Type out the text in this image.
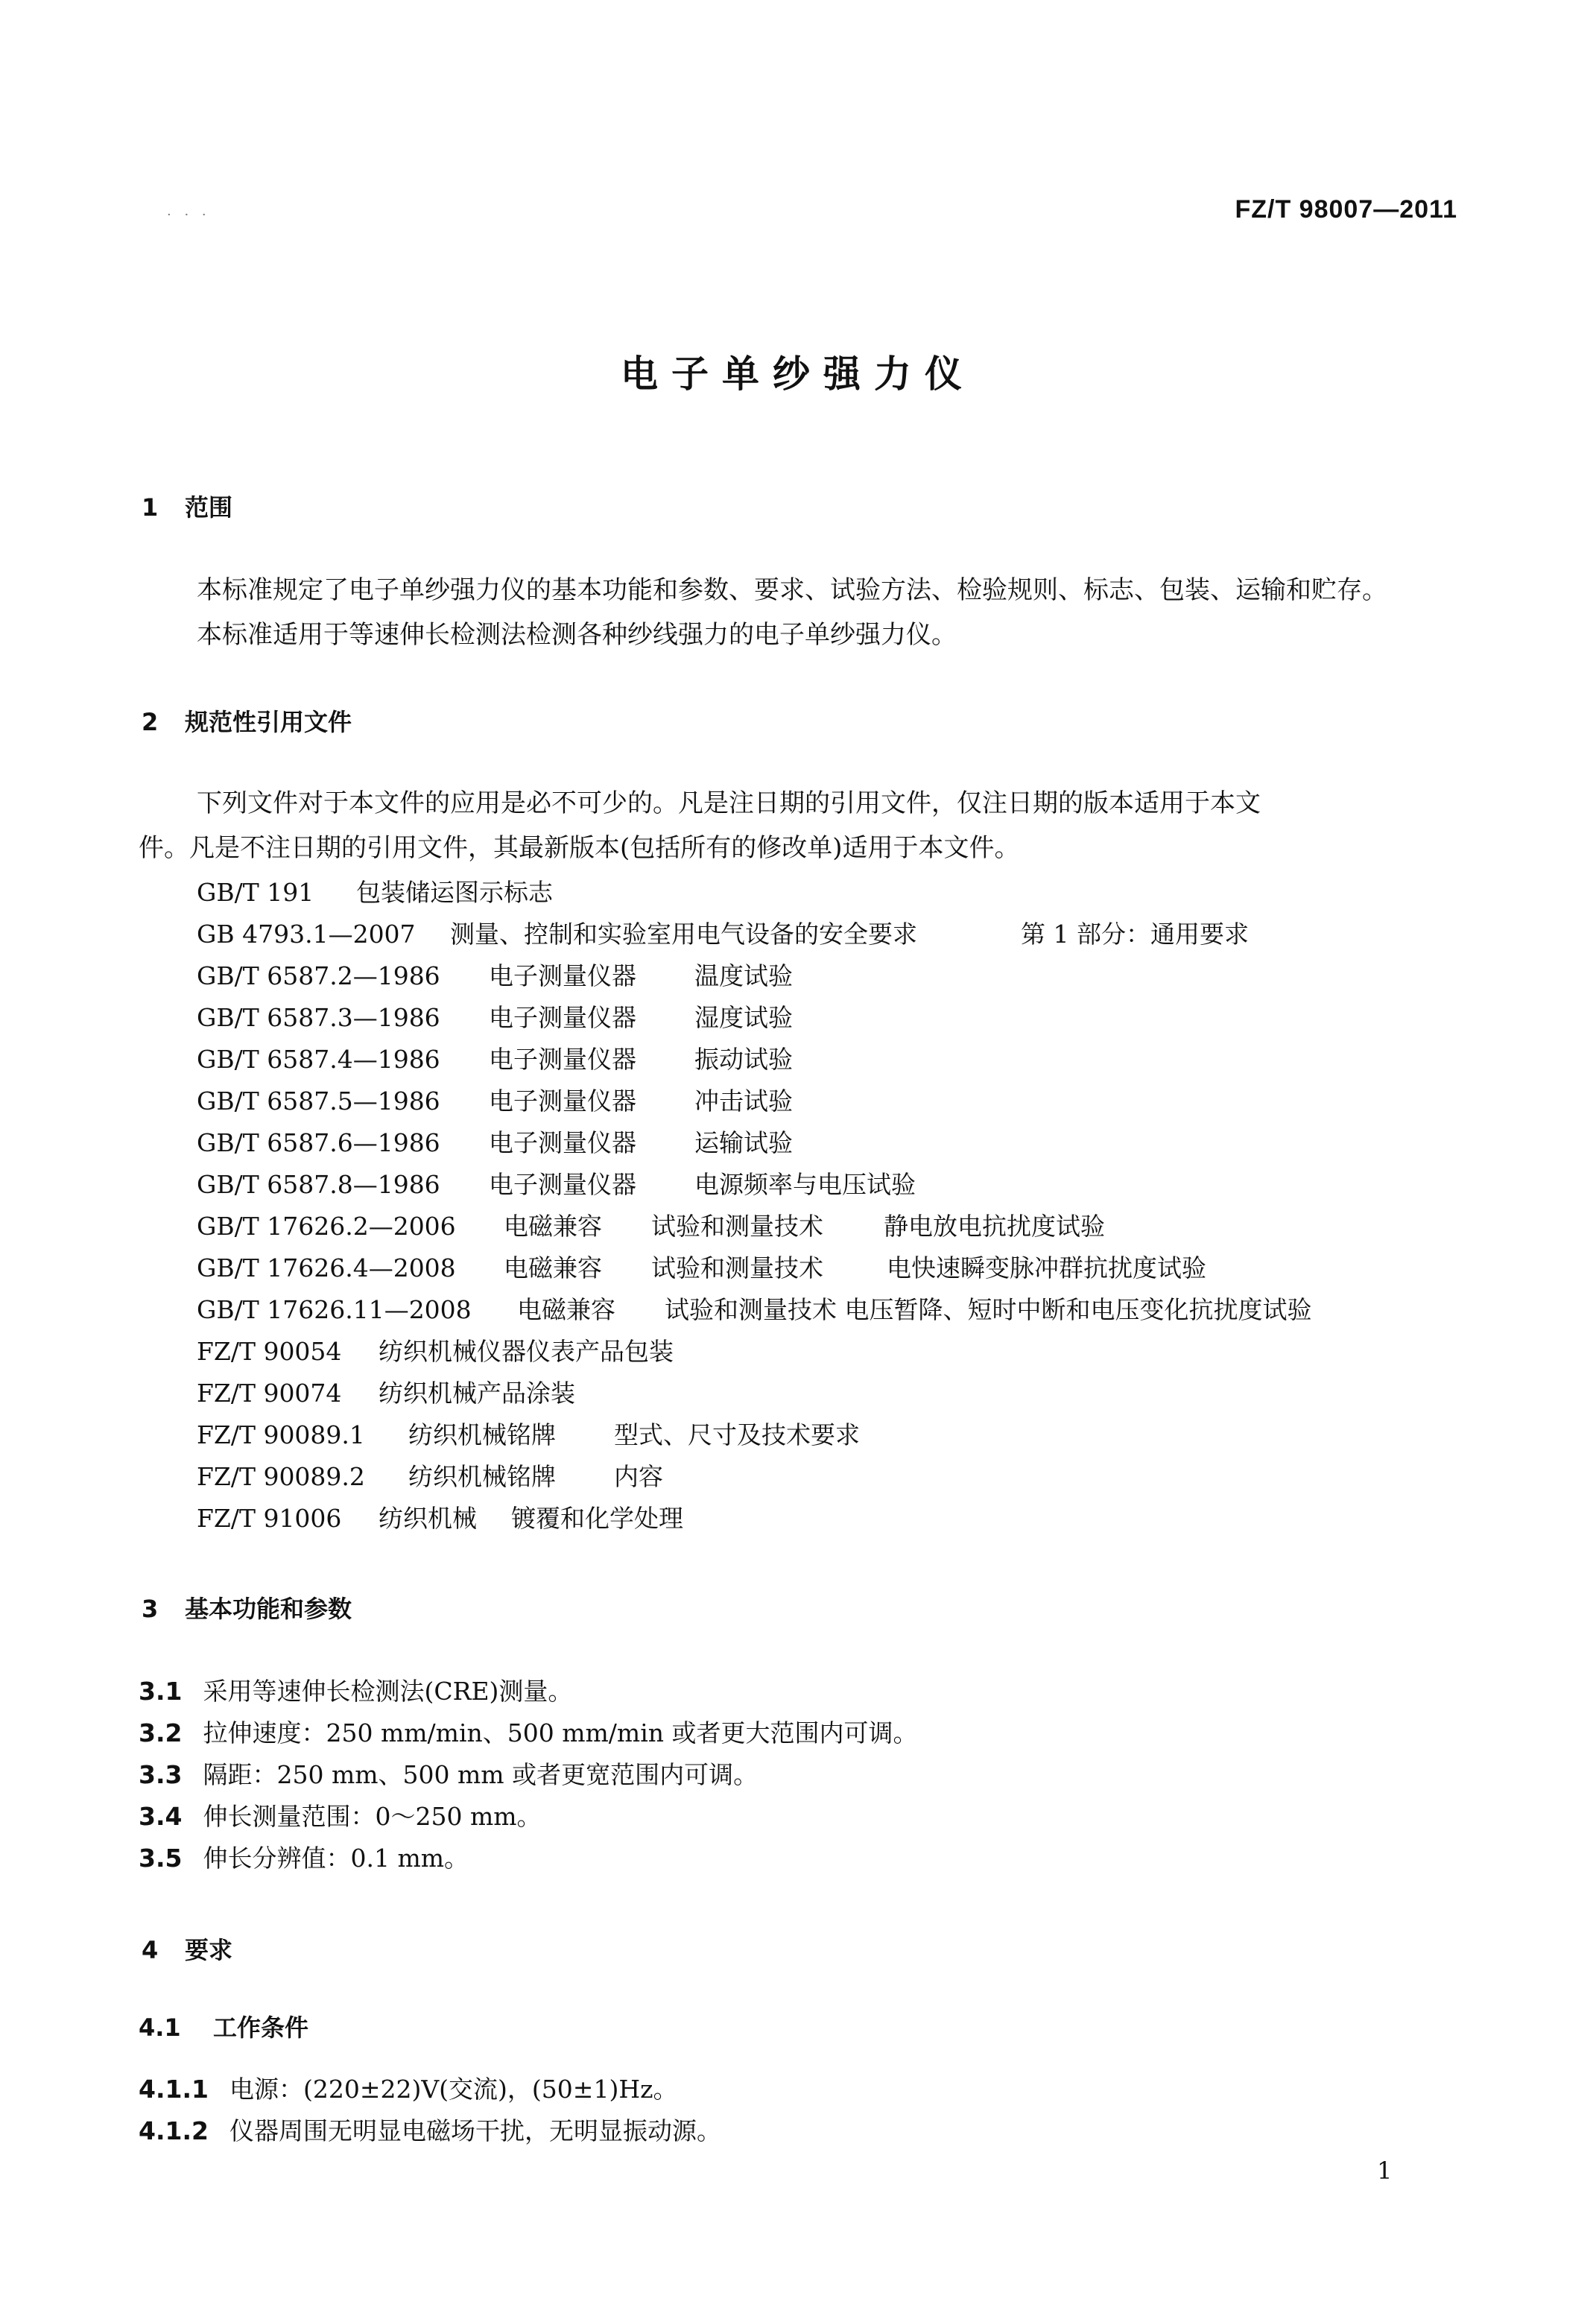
· · ·	FZ/T 98007—2011
电子单纱强力仪
1 范围
本标准规定了电子单纱强力仪的基本功能和参数、要求、试验方法、检验规则、标志、包装、运输和贮存。
本标准适用于等速伸长检测法检测各种纱线强力的电子单纱强力仪。
2 规范性引用文件
下列文件对于本文件的应用是必不可少的。凡是注日期的引用文件，仅注日期的版本适用于本文
件。凡是不注日期的引用文件，其最新版本(包括所有的修改单)适用于本文件。
GB/T 191 包装储运图示标志
GB 4793.1—2007 测量、控制和实验室用电气设备的安全要求	第 1 部分：通用要求
GB/T 6587.2—1986 电子测量仪器 温度试验
GB/T 6587.3—1986 电子测量仪器 湿度试验
GB/T 6587.4—1986 电子测量仪器 振动试验
GB/T 6587.5—1986 电子测量仪器 冲击试验
GB/T 6587.6—1986 电子测量仪器 运输试验
GB/T 6587.8—1986 电子测量仪器 电源频率与电压试验
GB/T 17626.2—2006 电磁兼容 试验和测量技术 静电放电抗扰度试验
GB/T 17626.4—2008 电磁兼容 试验和测量技术	电快速瞬变脉冲群抗扰度试验
GB/T 17626.11—2008 电磁兼容 试验和测量技术 电压暂降、短时中断和电压变化抗扰度试验
FZ/T 90054 纺织机械仪器仪表产品包装
FZ/T 90074 纺织机械产品涂装
FZ/T 90089.1 纺织机械铭牌 型式、尺寸及技术要求
FZ/T 90089.2 纺织机械铭牌 内容
FZ/T 91006 纺织机械 镀覆和化学处理
3 基本功能和参数
3.1 采用等速伸长检测法(CRE)测量。
3.2 拉伸速度：250 mm/min、500 mm/min 或者更大范围内可调。
3.3 隔距：250 mm、500 mm 或者更宽范围内可调。
3.4 伸长测量范围：0～250 mm。
3.5 伸长分辨值：0.1 mm。
4 要求
4.1 工作条件
4.1.1 电源：(220±22)V(交流)，(50±1)Hz。
4.1.2 仪器周围无明显电磁场干扰，无明显振动源。
1
